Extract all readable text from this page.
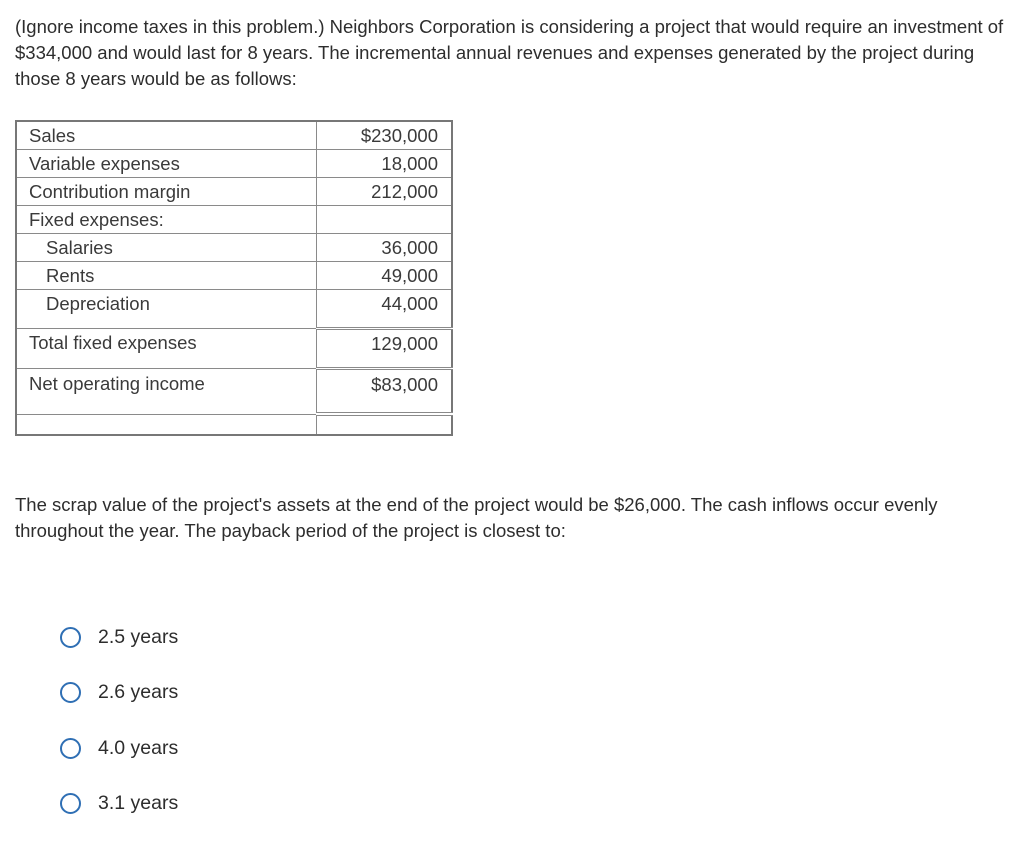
(Ignore income taxes in this problem.) Neighbors Corporation is considering a project that would require an investment of $334,000 and would last for 8 years. The incremental annual revenues and expenses generated by the project during those 8 years would be as follows:

Sales	$230,000
Variable expenses	18,000
Contribution margin	212,000
Fixed expenses:	
Salaries	36,000
Rents	49,000
Depreciation	44,000
Total fixed expenses	129,000
Net operating income	$83,000

The scrap value of the project's assets at the end of the project would be $26,000. The cash inflows occur evenly throughout the year. The payback period of the project is closest to:

2.5 years
2.6 years
4.0 years
3.1 years
